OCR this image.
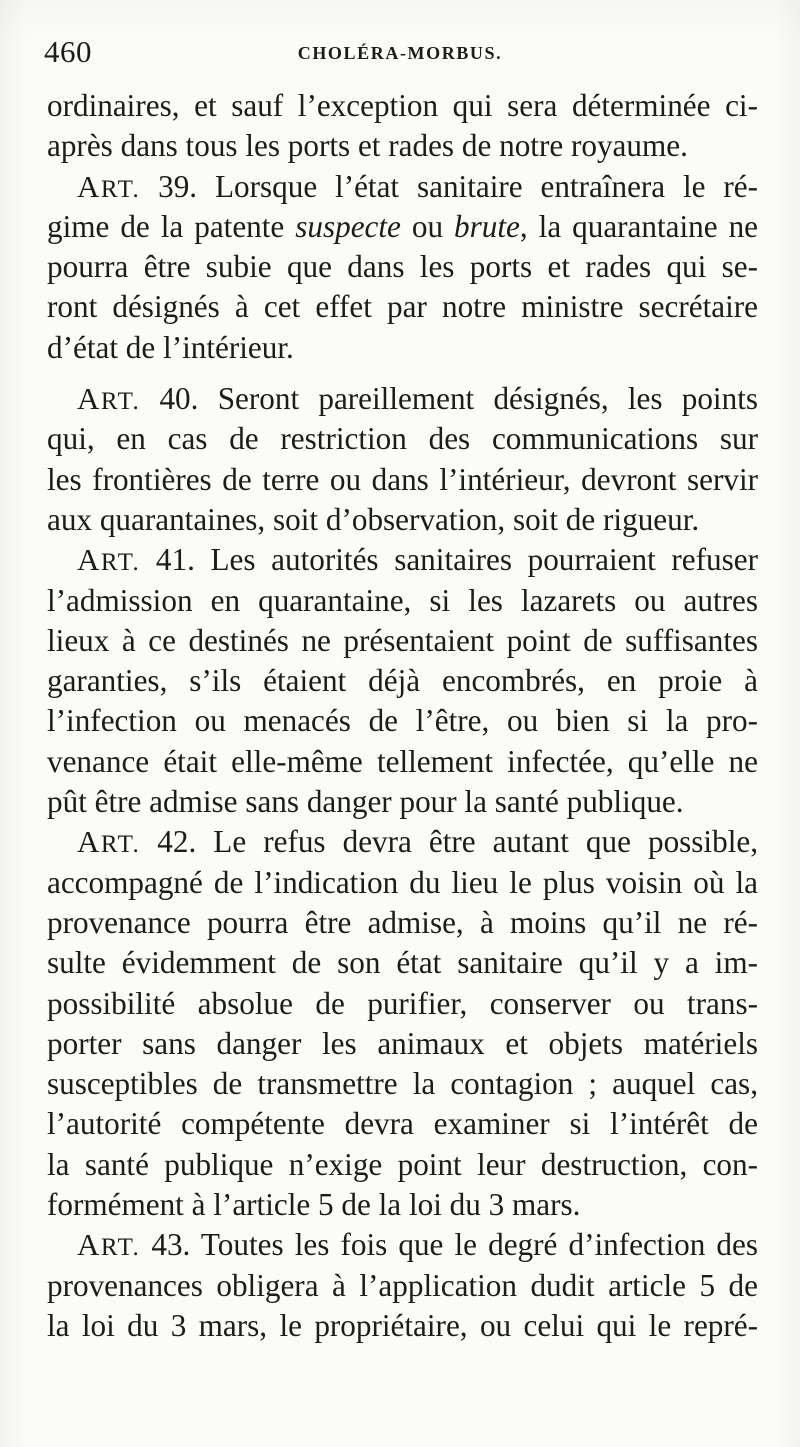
460	CHOLÉRA-MORBUS.
ordinaires, et sauf l’exception qui sera déterminée ci-
après dans tous les ports et rades de notre royaume.
ART. 39. Lorsque l’état sanitaire entraînera le ré-
gime de la patente suspecte ou brute, la quarantaine ne
pourra être subie que dans les ports et rades qui se-
ront désignés à cet effet par notre ministre secrétaire
d’état de l’intérieur.
ART. 40. Seront pareillement désignés, les points
qui, en cas de restriction des communications sur
les frontières de terre ou dans l’intérieur, devront servir
aux quarantaines, soit d’observation, soit de rigueur.
ART. 41. Les autorités sanitaires pourraient refuser
l’admission en quarantaine, si les lazarets ou autres
lieux à ce destinés ne présentaient point de suffisantes
garanties, s’ils étaient déjà encombrés, en proie à
l’infection ou menacés de l’être, ou bien si la pro-
venance était elle-même tellement infectée, qu’elle ne
pût être admise sans danger pour la santé publique.
ART. 42. Le refus devra être autant que possible,
accompagné de l’indication du lieu le plus voisin où la
provenance pourra être admise, à moins qu’il ne ré-
sulte évidemment de son état sanitaire qu’il y a im-
possibilité absolue de purifier, conserver ou trans-
porter sans danger les animaux et objets matériels
susceptibles de transmettre la contagion ; auquel cas,
l’autorité compétente devra examiner si l’intérêt de
la santé publique n’exige point leur destruction, con-
formément à l’article 5 de la loi du 3 mars.
ART. 43. Toutes les fois que le degré d’infection des
provenances obligera à l’application dudit article 5 de
la loi du 3 mars, le propriétaire, ou celui qui le repré-
